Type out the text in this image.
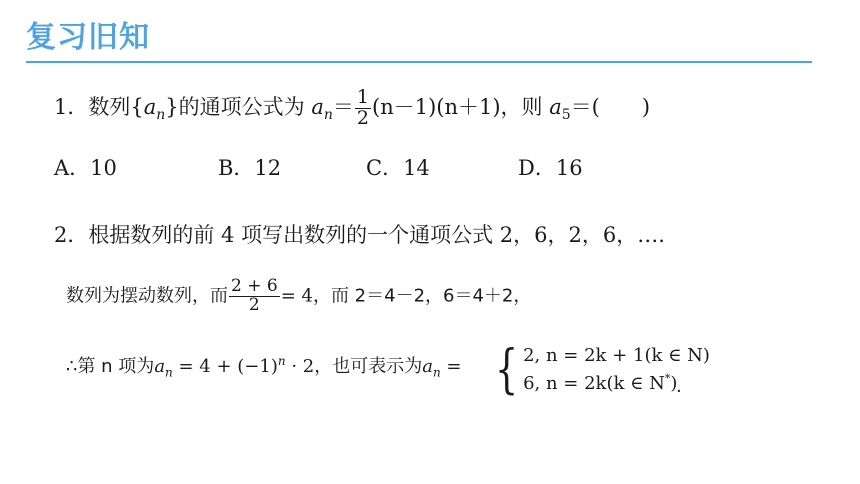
复习旧知
1．数列$\{a_n\}$的通项公式为 $a_n= \frac{1}{2} (n-1)(n+1)$，则 $a_5=$(　　)
A．10	B．12	C．14	D．16
2．根据数列的前 4 项写出数列的一个通项公式 2，6，2，6，….
数列为摆动数列，而 $\frac{2 + 6}{2} = 4$，而 2＝4－2，6＝4＋2，
∴第 n 项为$a_n = 4 + (-1)^n \cdot 2$，也可表示为$a_n$ = { 2, n = 2k + 1(k ∈ N)
6, n = 2k(k ∈ N*)
.
